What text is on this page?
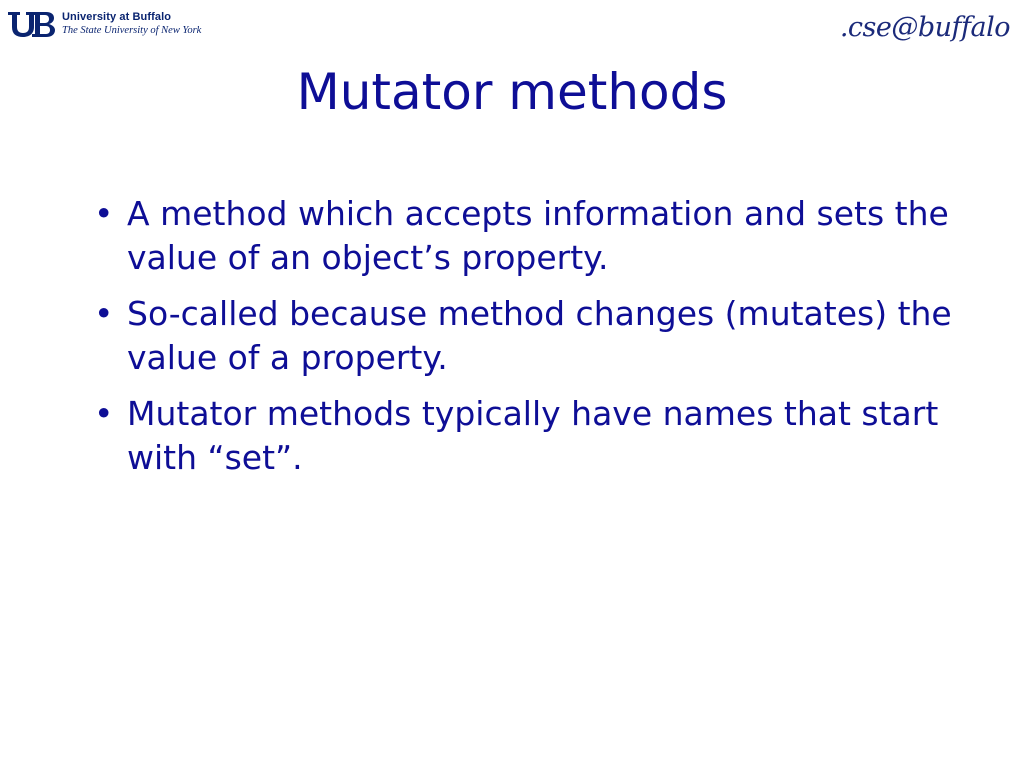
University at Buffalo
The State University of New York	.cse@buffalo
Mutator methods
• A method which accepts information and sets the value of an object’s property.
• So-called because method changes (mutates) the value of a property.
• Mutator methods typically have names that start with “set”.
